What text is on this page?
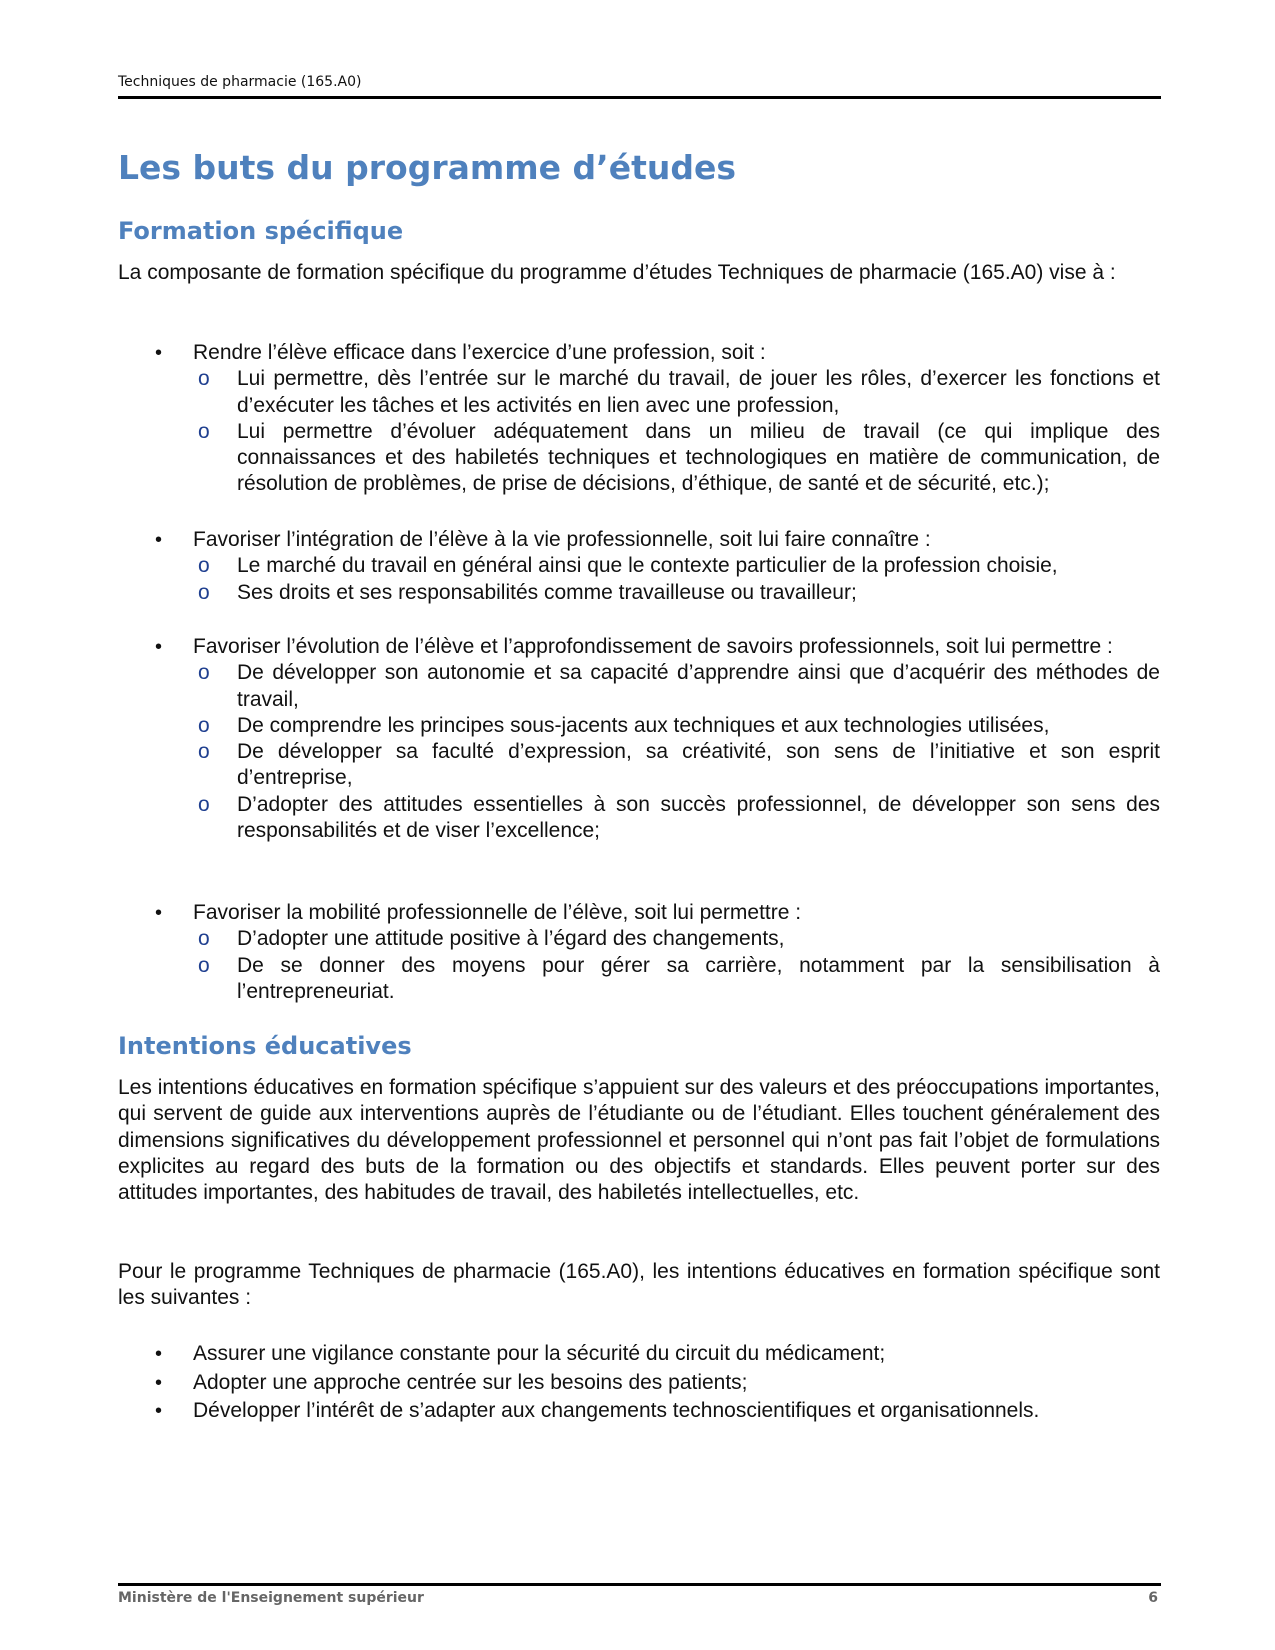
Techniques de pharmacie (165.A0)
Les buts du programme d’études
Formation spécifique

La composante de formation spécifique du programme d’études Techniques de pharmacie (165.A0) vise à :

• Rendre l’élève efficace dans l’exercice d’une profession, soit :
o Lui permettre, dès l’entrée sur le marché du travail, de jouer les rôles, d’exercer les fonctions et d’exécuter les tâches et les activités en lien avec une profession,
o Lui permettre d’évoluer adéquatement dans un milieu de travail (ce qui implique des connaissances et des habiletés techniques et technologiques en matière de communication, de résolution de problèmes, de prise de décisions, d’éthique, de santé et de sécurité, etc.);
• Favoriser l’intégration de l’élève à la vie professionnelle, soit lui faire connaître :
o Le marché du travail en général ainsi que le contexte particulier de la profession choisie,
o Ses droits et ses responsabilités comme travailleuse ou travailleur;
• Favoriser l’évolution de l’élève et l’approfondissement de savoirs professionnels, soit lui permettre :
o De développer son autonomie et sa capacité d’apprendre ainsi que d’acquérir des méthodes de travail,
o De comprendre les principes sous-jacents aux techniques et aux technologies utilisées,
o De développer sa faculté d’expression, sa créativité, son sens de l’initiative et son esprit d’entreprise,
o D’adopter des attitudes essentielles à son succès professionnel, de développer son sens des responsabilités et de viser l’excellence;
• Favoriser la mobilité professionnelle de l’élève, soit lui permettre :
o D’adopter une attitude positive à l’égard des changements,
o De se donner des moyens pour gérer sa carrière, notamment par la sensibilisation à l’entrepreneuriat.
Intentions éducatives

Les intentions éducatives en formation spécifique s’appuient sur des valeurs et des préoccupations importantes, qui servent de guide aux interventions auprès de l’étudiante ou de l’étudiant. Elles touchent généralement des dimensions significatives du développement professionnel et personnel qui n’ont pas fait l’objet de formulations explicites au regard des buts de la formation ou des objectifs et standards. Elles peuvent porter sur des attitudes importantes, des habitudes de travail, des habiletés intellectuelles, etc.

Pour le programme Techniques de pharmacie (165.A0), les intentions éducatives en formation spécifique sont les suivantes :

• Assurer une vigilance constante pour la sécurité du circuit du médicament;
• Adopter une approche centrée sur les besoins des patients;
• Développer l’intérêt de s’adapter aux changements technoscientifiques et organisationnels.
Ministère de l'Enseignement supérieur	6
